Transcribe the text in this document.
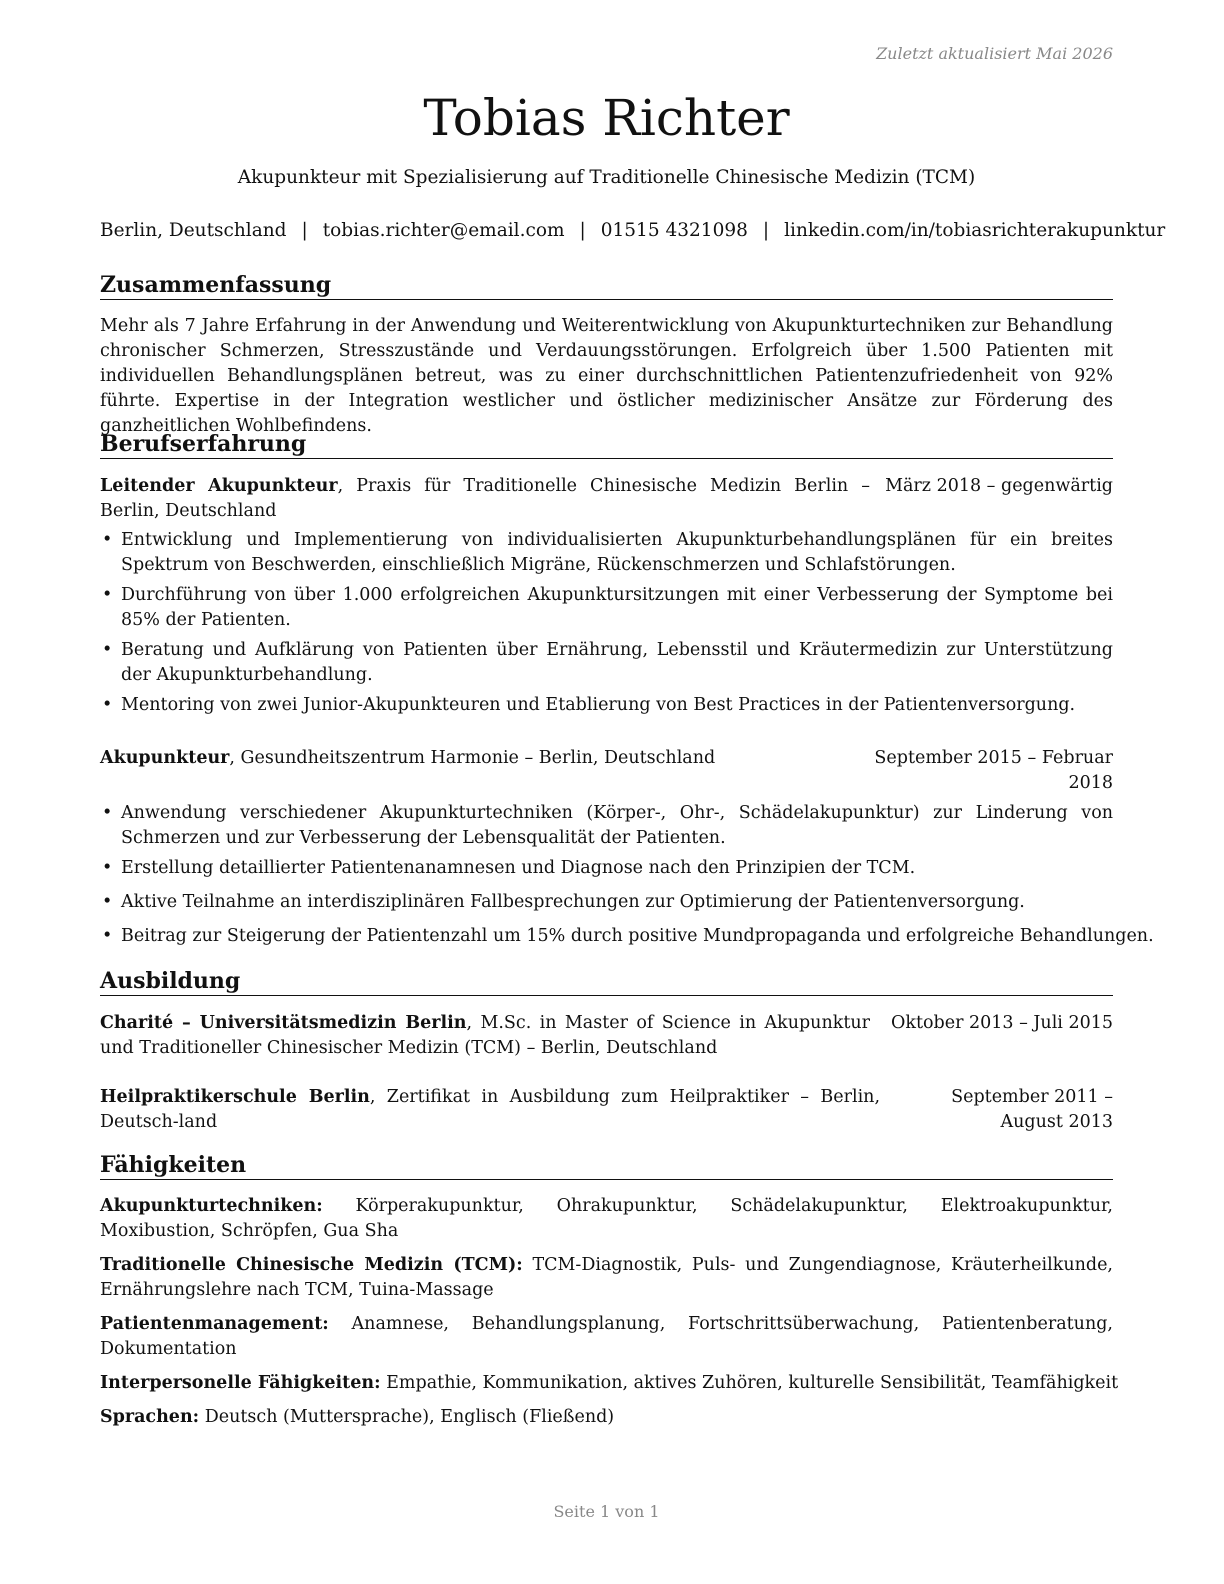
Zuletzt aktualisiert Mai 2026
Tobias Richter
Akupunkteur mit Spezialisierung auf Traditionelle Chinesische Medizin (TCM)
Berlin, Deutschland | tobias.richter@email.com | 01515 4321098 | linkedin.com/in/tobiasrichterakupunktur
Zusammenfassung
Mehr als 7 Jahre Erfahrung in der Anwendung und Weiterentwicklung von Akupunkturtechniken zur Behandlung chronischer Schmerzen, Stresszustände und Verdauungsstörungen. Erfolgreich über 1.500 Patienten mit individuellen Behandlungsplänen betreut, was zu einer durchschnittlichen Patientenzufriedenheit von 92% führte. Expertise in der Integration westlicher und östlicher medizinischer Ansätze zur Förderung des ganzheitlichen Wohlbefindens.
Berufserfahrung
Leitender Akupunkteur, Praxis für Traditionelle Chinesische Medizin Berlin – Berlin, Deutschland
März 2018 – gegenwärtig
• Entwicklung und Implementierung von individualisierten Akupunkturbehandlungsplänen für ein breites Spektrum von Beschwerden, einschließlich Migräne, Rückenschmerzen und Schlafstörungen.
• Durchführung von über 1.000 erfolgreichen Akupunktursitzungen mit einer Verbesserung der Symptome bei 85% der Patienten.
• Beratung und Aufklärung von Patienten über Ernährung, Lebensstil und Kräutermedizin zur Unterstützung der Akupunkturbehandlung.
• Mentoring von zwei Junior-Akupunkteuren und Etablierung von Best Practices in der Patientenversorgung.
Akupunkteur, Gesundheitszentrum Harmonie – Berlin, Deutschland	September 2015 – Februar 2018
• Anwendung verschiedener Akupunkturtechniken (Körper-, Ohr-, Schädelakupunktur) zur Linderung von Schmerzen und zur Verbesserung der Lebensqualität der Patienten.
• Erstellung detaillierter Patientenanamnesen und Diagnose nach den Prinzipien der TCM.
• Aktive Teilnahme an interdisziplinären Fallbesprechungen zur Optimierung der Patientenversorgung.
• Beitrag zur Steigerung der Patientenzahl um 15% durch positive Mundpropaganda und erfolgreiche Behandlungen.
Ausbildung
Charité – Universitätsmedizin Berlin, M.Sc. in Master of Science in Akupunktur und Traditioneller Chinesischer Medizin (TCM) – Berlin, Deutschland
Oktober 2013 – Juli 2015
Heilpraktikerschule Berlin, Zertifikat in Ausbildung zum Heilpraktiker – Berlin, Deutsch-land
September 2011 – August 2013
Fähigkeiten
Akupunkturtechniken: Körperakupunktur, Ohrakupunktur, Schädelakupunktur, Elektroakupunktur, Moxibustion, Schröpfen, Gua Sha
Traditionelle Chinesische Medizin (TCM): TCM-Diagnostik, Puls- und Zungendiagnose, Kräuterheilkunde, Ernährungslehre nach TCM, Tuina-Massage
Patientenmanagement: Anamnese, Behandlungsplanung, Fortschrittsüberwachung, Patientenberatung, Dokumentation
Interpersonelle Fähigkeiten: Empathie, Kommunikation, aktives Zuhören, kulturelle Sensibilität, Teamfähigkeit
Sprachen: Deutsch (Muttersprache), Englisch (Fließend)
Seite 1 von 1
